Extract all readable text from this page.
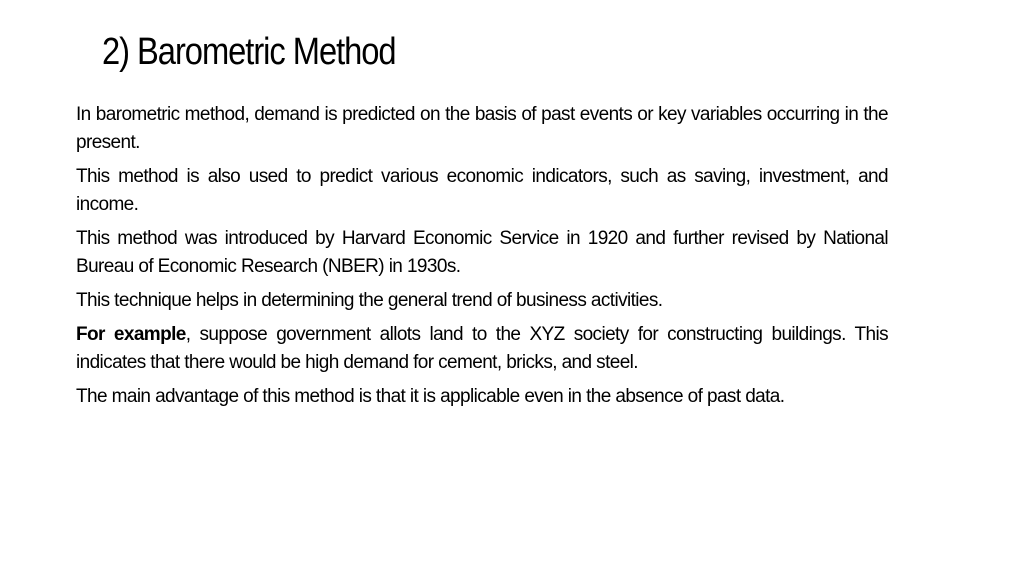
2) Barometric Method

In barometric method, demand is predicted on the basis of past events or key variables occurring in the present.

This method is also used to predict various economic indicators, such as saving, investment, and income.

This method was introduced by Harvard Economic Service in 1920 and further revised by National Bureau of Economic Research (NBER) in 1930s.

This technique helps in determining the general trend of business activities.

For example, suppose government allots land to the XYZ society for constructing buildings. This indicates that there would be high demand for cement, bricks, and steel.

The main advantage of this method is that it is applicable even in the absence of past data.
